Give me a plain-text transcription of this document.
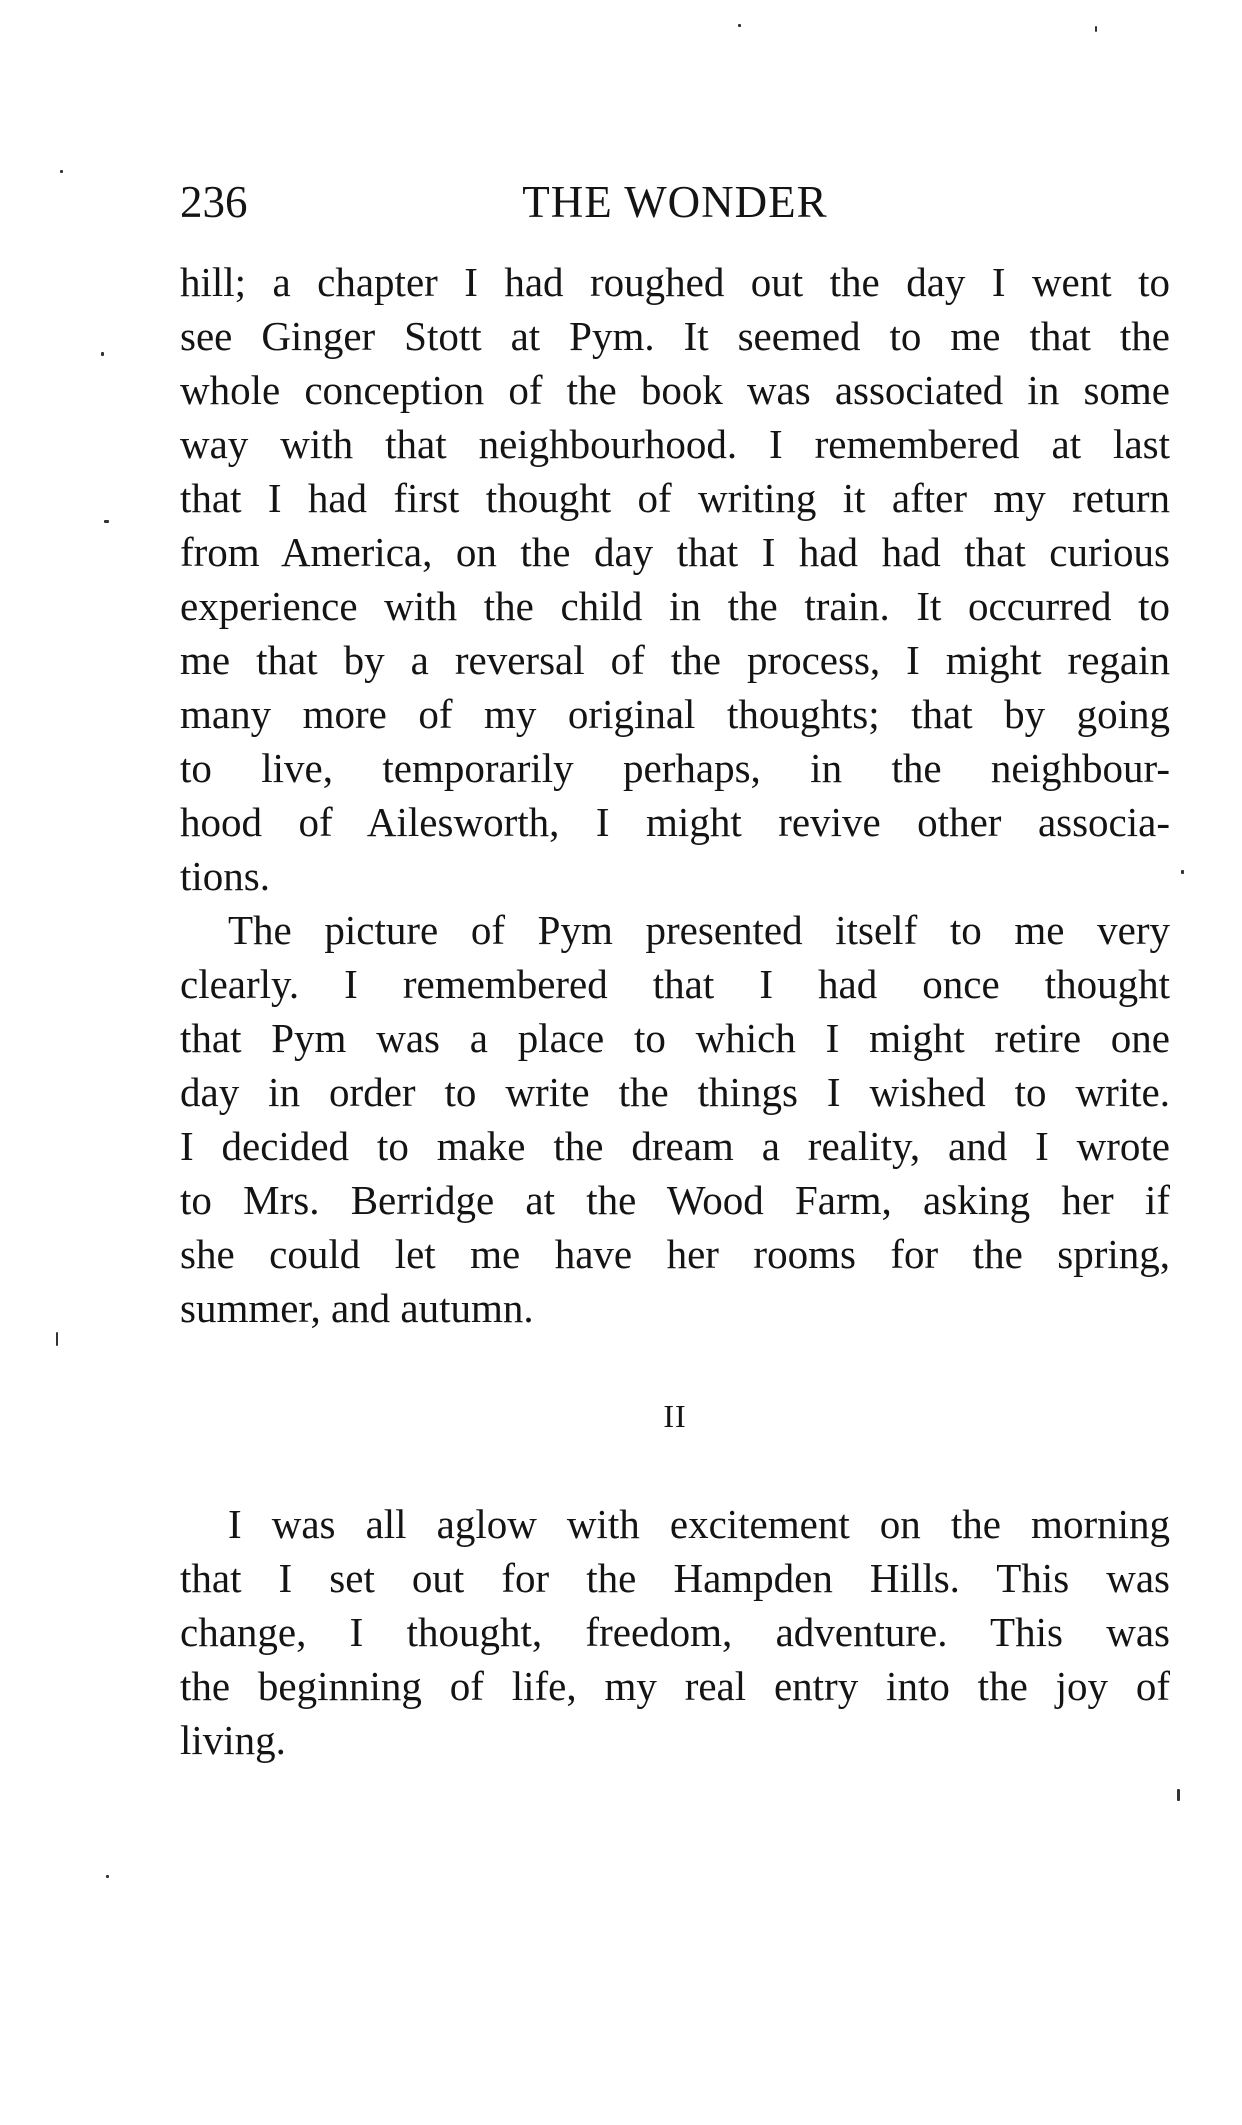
236	THE WONDER
hill; a chapter I had roughed out the day I went to
see Ginger Stott at Pym. It seemed to me that the
whole conception of the book was associated in some
way with that neighbourhood. I remembered at last
that I had first thought of writing it after my return
from America, on the day that I had had that curious
experience with the child in the train. It occurred to
me that by a reversal of the process, I might regain
many more of my original thoughts; that by going
to live, temporarily perhaps, in the neighbour-
hood of Ailesworth, I might revive other associa-
tions.
The picture of Pym presented itself to me very
clearly. I remembered that I had once thought
that Pym was a place to which I might retire one
day in order to write the things I wished to write.
I decided to make the dream a reality, and I wrote
to Mrs. Berridge at the Wood Farm, asking her if
she could let me have her rooms for the spring,
summer, and autumn.
II
I was all aglow with excitement on the morning
that I set out for the Hampden Hills. This was
change, I thought, freedom, adventure. This was
the beginning of life, my real entry into the joy of
living.
